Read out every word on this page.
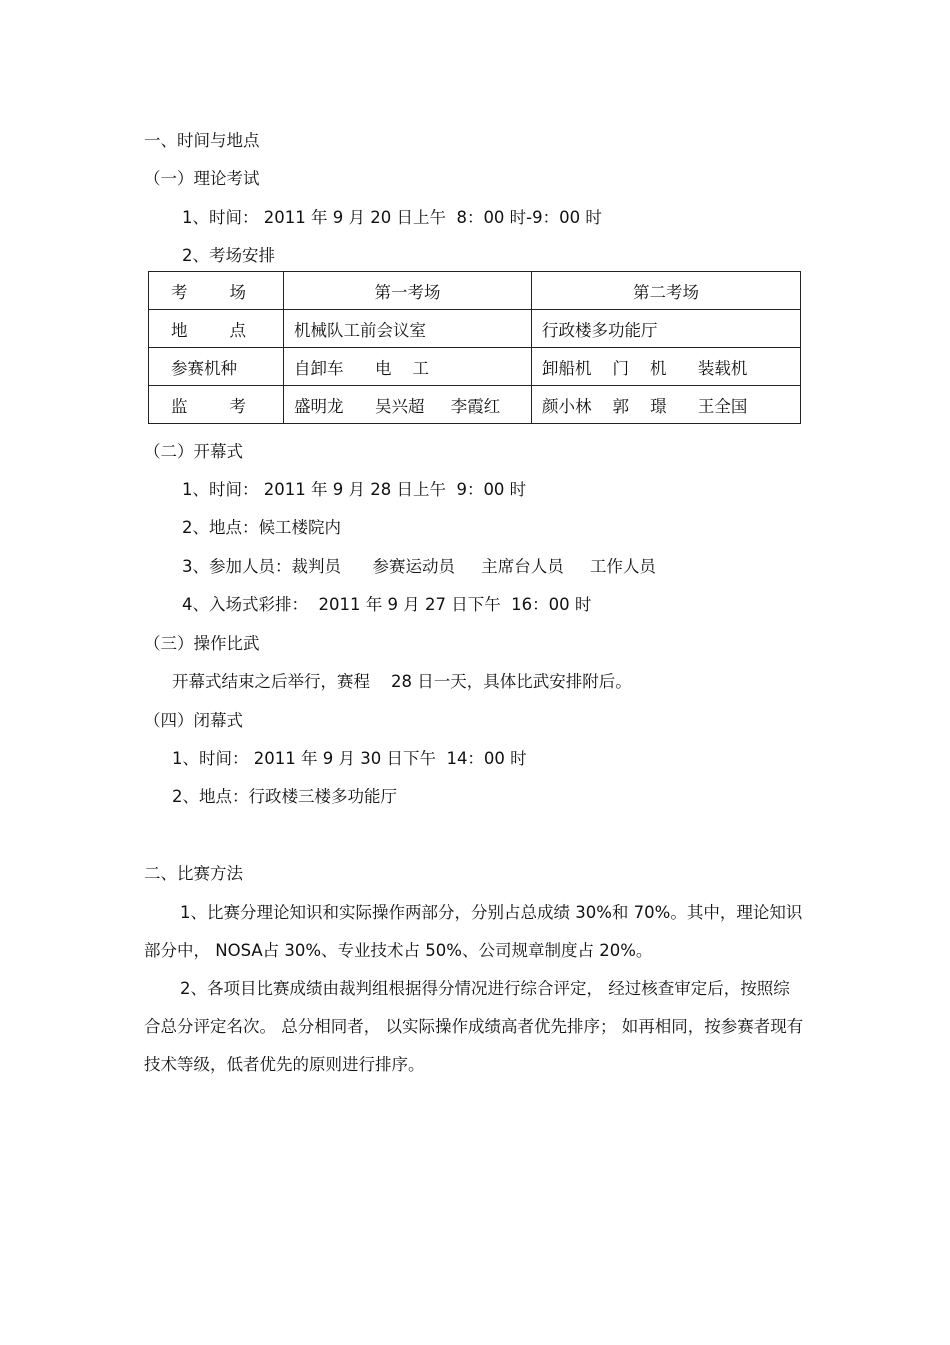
一、时间与地点
（一）理论考试
1、时间： 2011 年 9 月 20 日上午  8：00 时-9：00 时
2、考场安排
考        场	第一考场	第二考场
地        点	机械队工前会议室	行政楼多功能厅
参赛机种	自卸车      电    工	卸船机    门    机      装载机
监        考	盛明龙      吴兴超     李霞红	颜小林    郭    璟      王全国
（二）开幕式
1、时间： 2011 年 9 月 28 日上午  9：00 时
2、地点：候工楼院内
3、参加人员：裁判员      参赛运动员     主席台人员     工作人员
4、入场式彩排：  2011 年 9 月 27 日下午  16：00 时
（三）操作比武
开幕式结束之后举行，赛程    28 日一天，具体比武安排附后。
（四）闭幕式
1、时间： 2011 年 9 月 30 日下午  14：00 时
2、地点：行政楼三楼多功能厅
二、比赛方法
1、比赛分理论知识和实际操作两部分，分别占总成绩 30%和 70%。其中，理论知识部分中， NOSA占 30%、专业技术占 50%、公司规章制度占 20%。
2、各项目比赛成绩由裁判组根据得分情况进行综合评定， 经过核查审定后，按照综合总分评定名次。 总分相同者， 以实际操作成绩高者优先排序； 如再相同，按参赛者现有技术等级，低者优先的原则进行排序。
